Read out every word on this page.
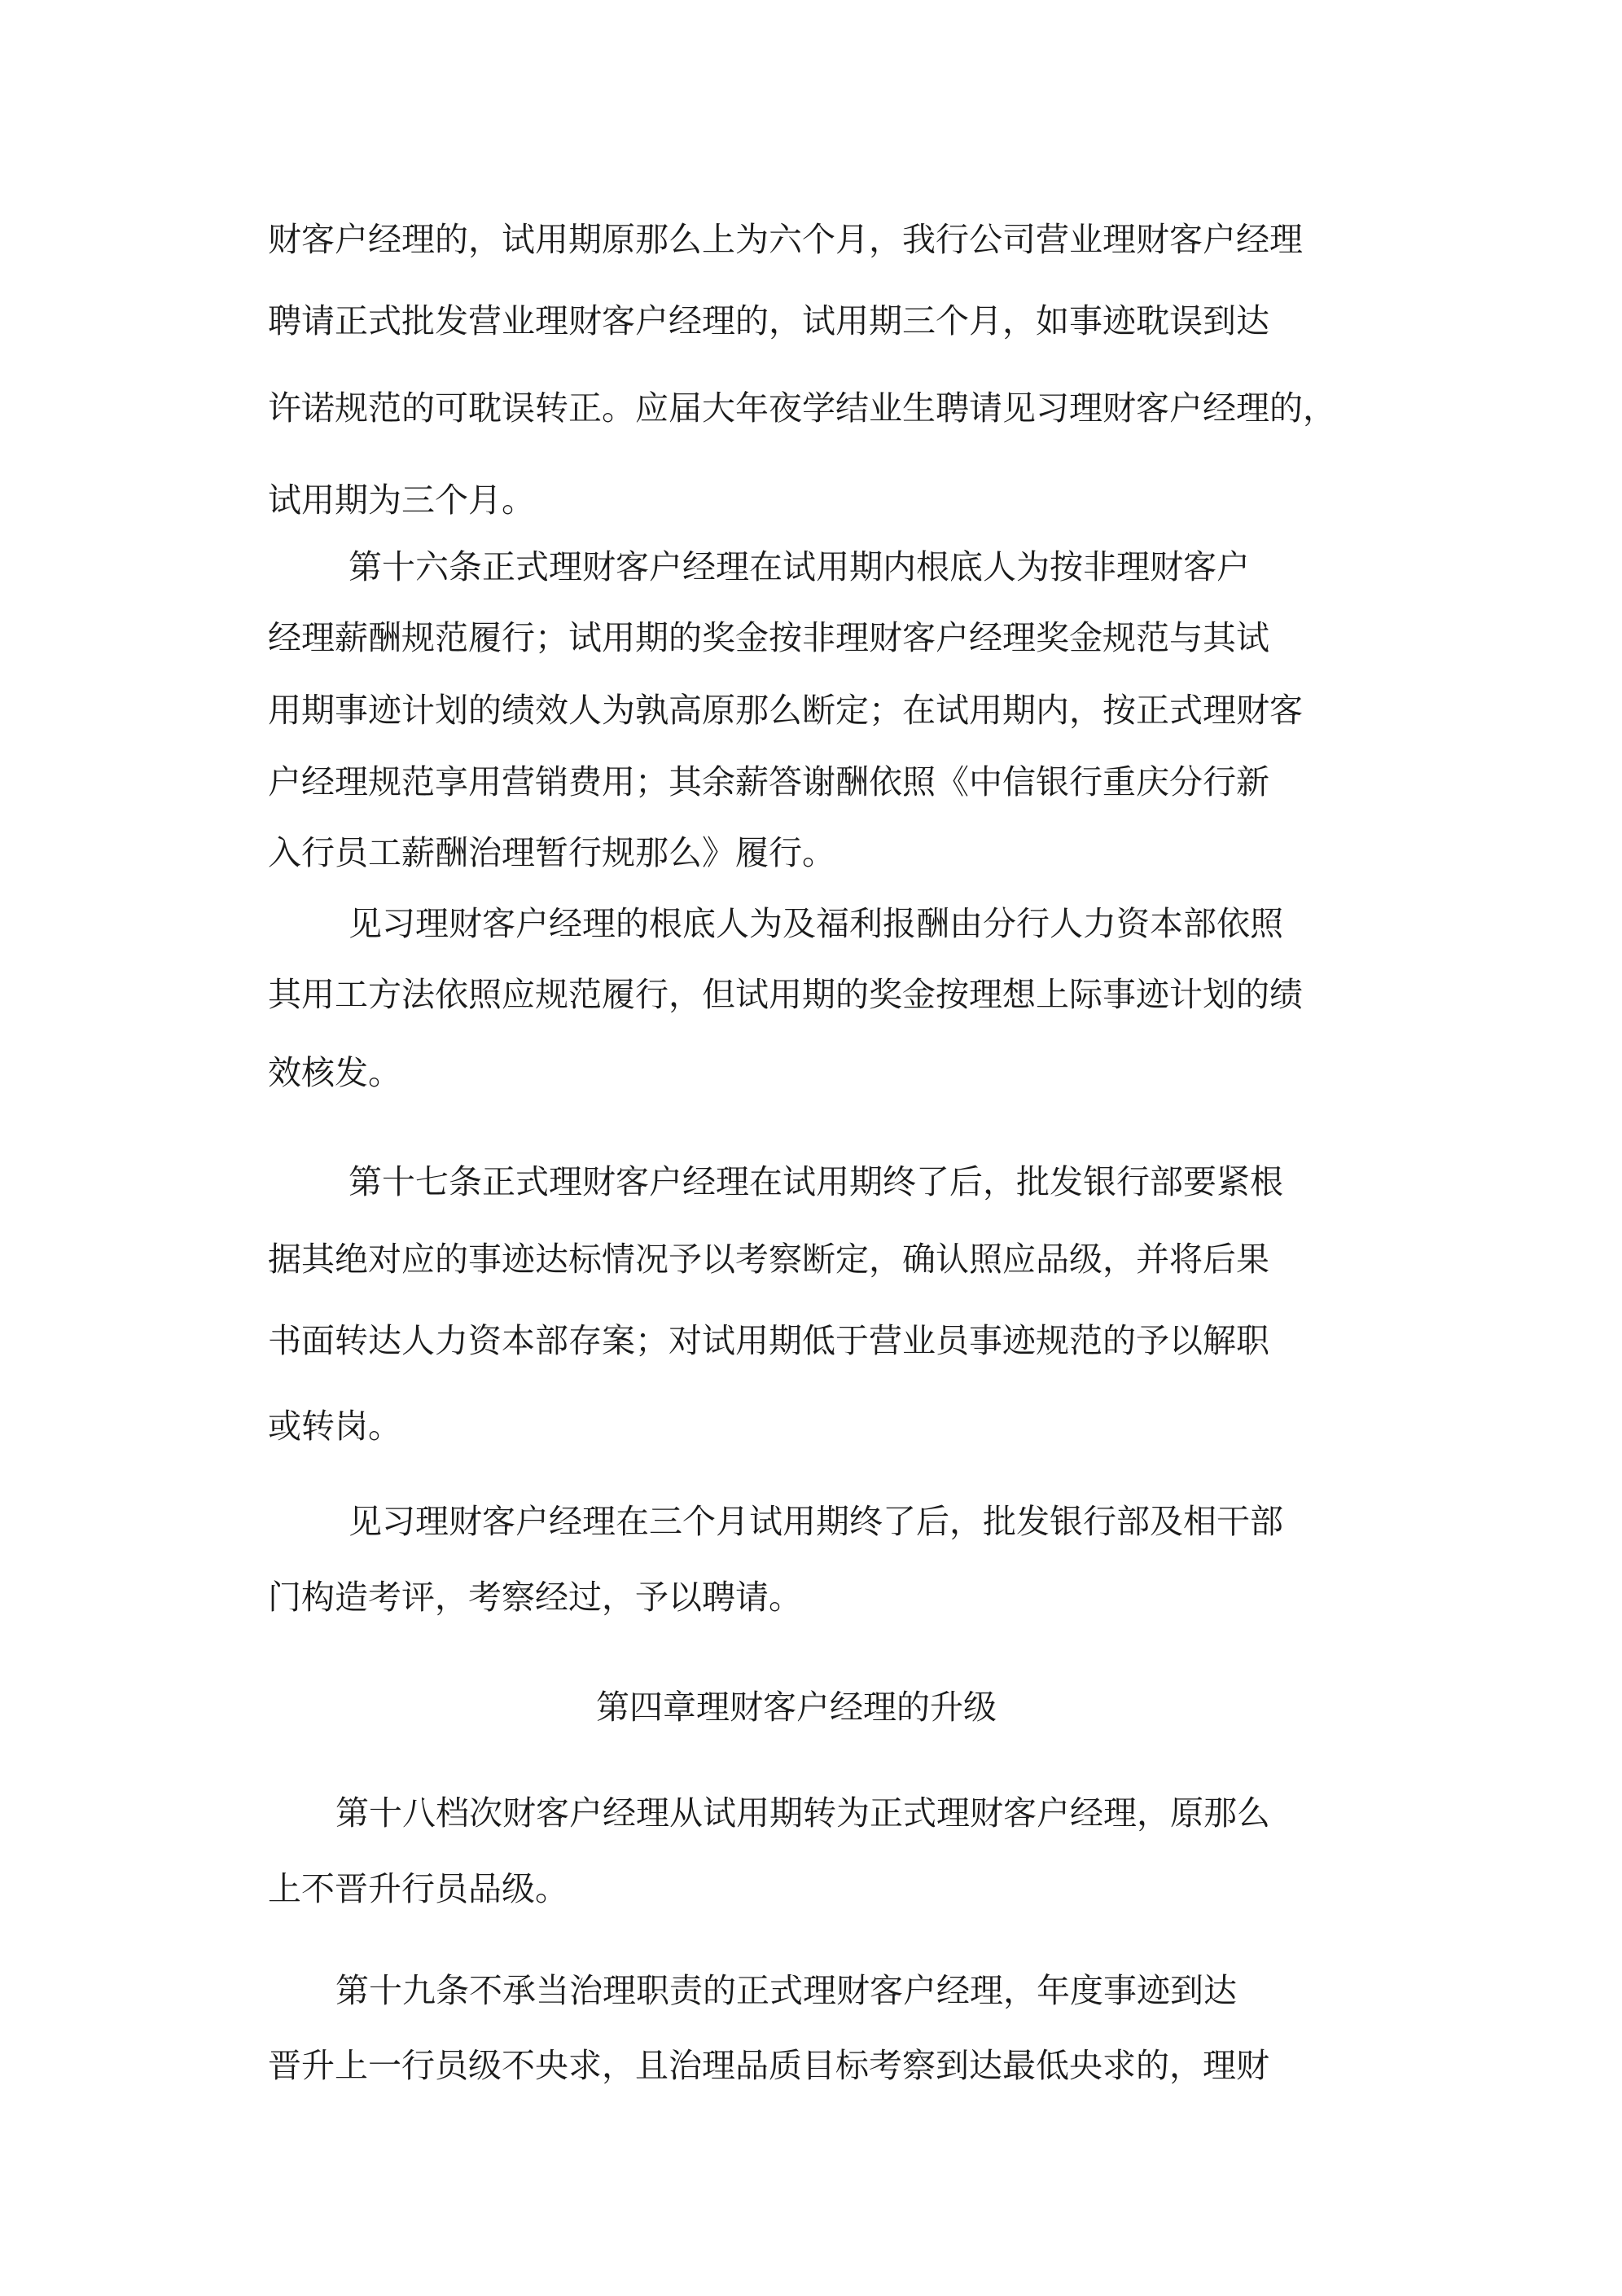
财客户经理的，试用期原那么上为六个月，我行公司营业理财客户经理
聘请正式批发营业理财客户经理的，试用期三个月，如事迹耽误到达
许诺规范的可耽误转正。应届大年夜学结业生聘请见习理财客户经理的，
试用期为三个月。
第十六条正式理财客户经理在试用期内根底人为按非理财客户
经理薪酬规范履行；试用期的奖金按非理财客户经理奖金规范与其试
用期事迹计划的绩效人为孰高原那么断定；在试用期内，按正式理财客
户经理规范享用营销费用；其余薪答谢酬依照《中信银行重庆分行新
入行员工薪酬治理暂行规那么》履行。
见习理财客户经理的根底人为及福利报酬由分行人力资本部依照
其用工方法依照应规范履行，但试用期的奖金按理想上际事迹计划的绩
效核发。
第十七条正式理财客户经理在试用期终了后，批发银行部要紧根
据其绝对应的事迹达标情况予以考察断定，确认照应品级，并将后果
书面转达人力资本部存案；对试用期低于营业员事迹规范的予以解职
或转岗。
见习理财客户经理在三个月试用期终了后，批发银行部及相干部
门构造考评，考察经过，予以聘请。
第四章理财客户经理的升级
第十八档次财客户经理从试用期转为正式理财客户经理，原那么
上不晋升行员品级。
第十九条不承当治理职责的正式理财客户经理，年度事迹到达
晋升上一行员级不央求，且治理品质目标考察到达最低央求的，理财
